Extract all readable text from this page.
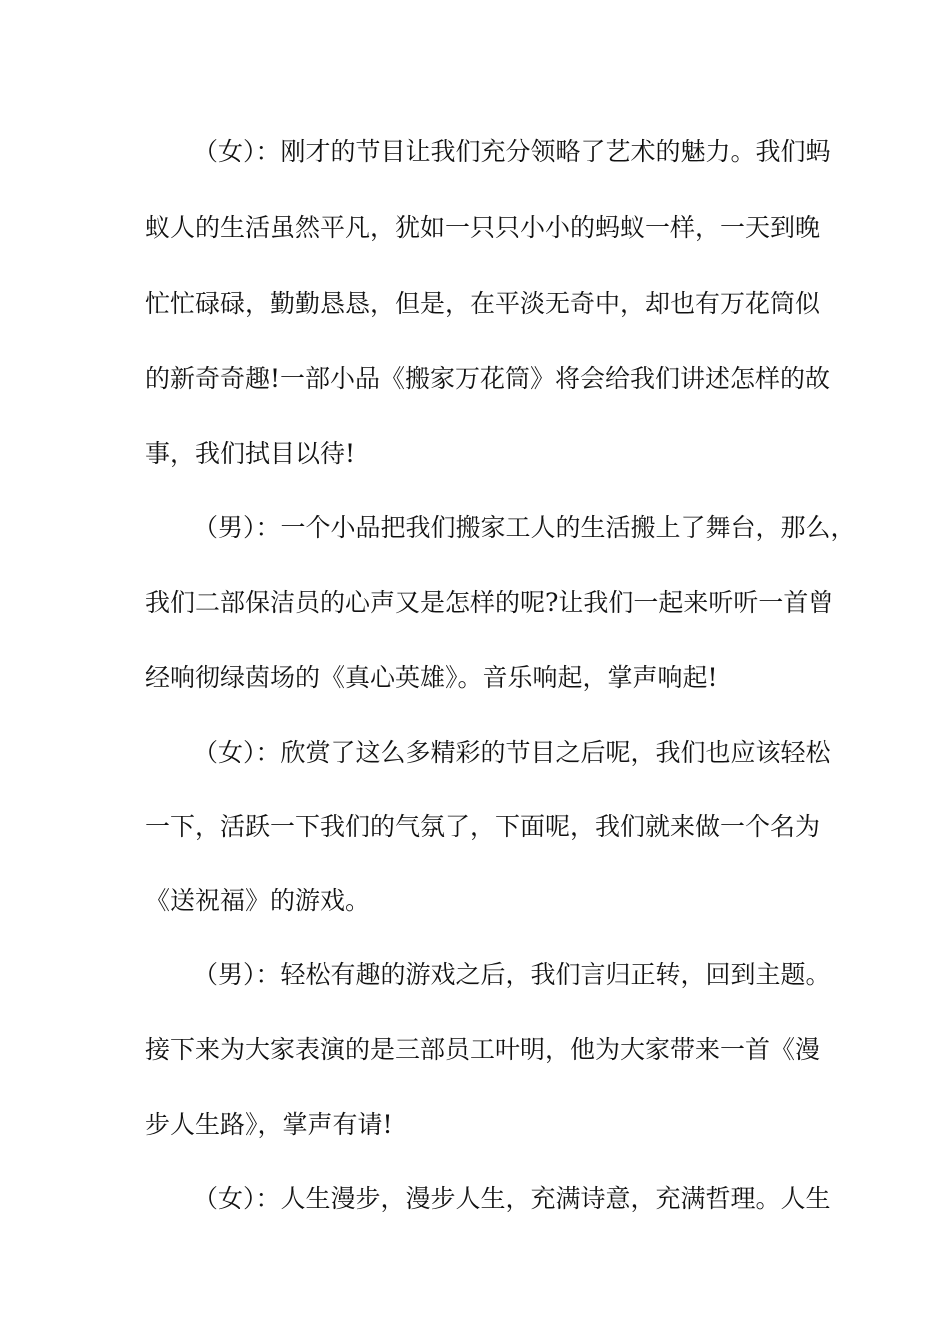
（女）：刚才的节目让我们充分领略了艺术的魅力。我们蚂
蚁人的生活虽然平凡，犹如一只只小小的蚂蚁一样，一天到晚
忙忙碌碌，勤勤恳恳，但是，在平淡无奇中，却也有万花筒似
的新奇奇趣!一部小品《搬家万花筒》将会给我们讲述怎样的故
事，我们拭目以待!
（男）：一个小品把我们搬家工人的生活搬上了舞台，那么，
我们二部保洁员的心声又是怎样的呢?让我们一起来听听一首曾
经响彻绿茵场的《真心英雄》。音乐响起，掌声响起!
（女）：欣赏了这么多精彩的节目之后呢，我们也应该轻松
一下，活跃一下我们的气氛了，下面呢，我们就来做一个名为
《送祝福》的游戏。
（男）：轻松有趣的游戏之后，我们言归正转，回到主题。
接下来为大家表演的是三部员工叶明，他为大家带来一首《漫
步人生路》，掌声有请!
（女）：人生漫步，漫步人生，充满诗意，充满哲理。人生
